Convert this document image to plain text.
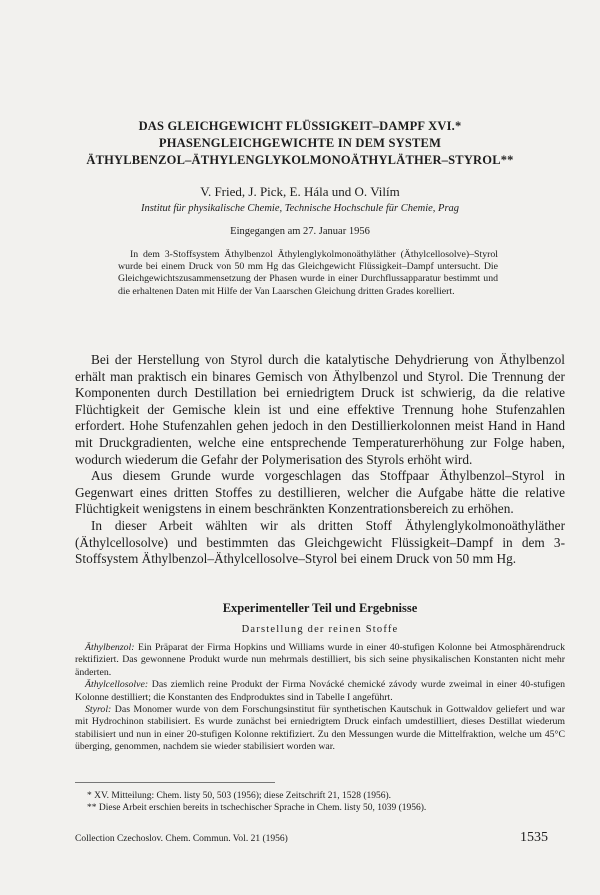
DAS GLEICHGEWICHT FLÜSSIGKEIT–DAMPF XVI.*
PHASENGLEICHGEWICHTE IN DEM SYSTEM
ÄTHYLBENZOL–ÄTHYLENGLYKOLMONOÄTHYLÄTHER–STYROL**
V. Fried, J. Pick, E. Hála und O. Vilím
Institut für physikalische Chemie, Technische Hochschule für Chemie, Prag
Eingegangen am 27. Januar 1956
In dem 3-Stoffsystem Äthylbenzol Äthylenglykolmonoäthyläther (Äthylcellosolve)–Styrol wurde bei einem Druck von 50 mm Hg das Gleichgewicht Flüssigkeit–Dampf untersucht. Die Gleichgewichtszusammensetzung der Phasen wurde in einer Durchflussapparatur bestimmt und die erhaltenen Daten mit Hilfe der Van Laarschen Gleichung dritten Grades korelliert.

Bei der Herstellung von Styrol durch die katalytische Dehydrierung von Äthylbenzol erhält man praktisch ein binares Gemisch von Äthylbenzol und Styrol. Die Trennung der Komponenten durch Destillation bei erniedrigtem Druck ist schwierig, da die relative Flüchtigkeit der Gemische klein ist und eine effektive Trennung hohe Stufenzahlen erfordert. Hohe Stufenzahlen gehen jedoch in den Destillierkolonnen meist Hand in Hand mit Druckgradienten, welche eine entsprechende Temperaturerhöhung zur Folge haben, wodurch wiederum die Gefahr der Polymerisation des Styrols erhöht wird.

Aus diesem Grunde wurde vorgeschlagen das Stoffpaar Äthylbenzol–Styrol in Gegenwart eines dritten Stoffes zu destillieren, welcher die Aufgabe hätte die relative Flüchtigkeit wenigstens in einem beschränkten Konzentrationsbereich zu erhöhen.

In dieser Arbeit wählten wir als dritten Stoff Äthylenglykolmonoäthyläther (Äthylcellosolve) und bestimmten das Gleichgewicht Flüssigkeit–Dampf in dem 3-Stoffsystem Äthylbenzol–Äthylcellosolve–Styrol bei einem Druck von 50 mm Hg.

Experimenteller Teil und Ergebnisse
Darstellung der reinen Stoffe

Äthylbenzol: Ein Präparat der Firma Hopkins und Williams wurde in einer 40-stufigen Kolonne bei Atmosphärendruck rektifiziert. Das gewonnene Produkt wurde nun mehrmals destilliert, bis sich seine physikalischen Konstanten nicht mehr änderten.

Äthylcellosolve: Das ziemlich reine Produkt der Firma Novácké chemické závody wurde zweimal in einer 40-stufigen Kolonne destilliert; die Konstanten des Endproduktes sind in Tabelle I angeführt.

Styrol: Das Monomer wurde von dem Forschungsinstitut für synthetischen Kautschuk in Gottwaldov geliefert und war mit Hydrochinon stabilisiert. Es wurde zunächst bei erniedrigtem Druck einfach umdestilliert, dieses Destillat wiederum stabilisiert und nun in einer 20-stufigen Kolonne rektifiziert. Zu den Messungen wurde die Mittelfraktion, welche um 45°C überging, genommen, nachdem sie wieder stabilisiert worden war.

* XV. Mitteilung: Chem. listy 50, 503 (1956); diese Zeitschrift 21, 1528 (1956).

** Diese Arbeit erschien bereits in tschechischer Sprache in Chem. listy 50, 1039 (1956).

Collection Czechoslov. Chem. Commun. Vol. 21 (1956)	1535
